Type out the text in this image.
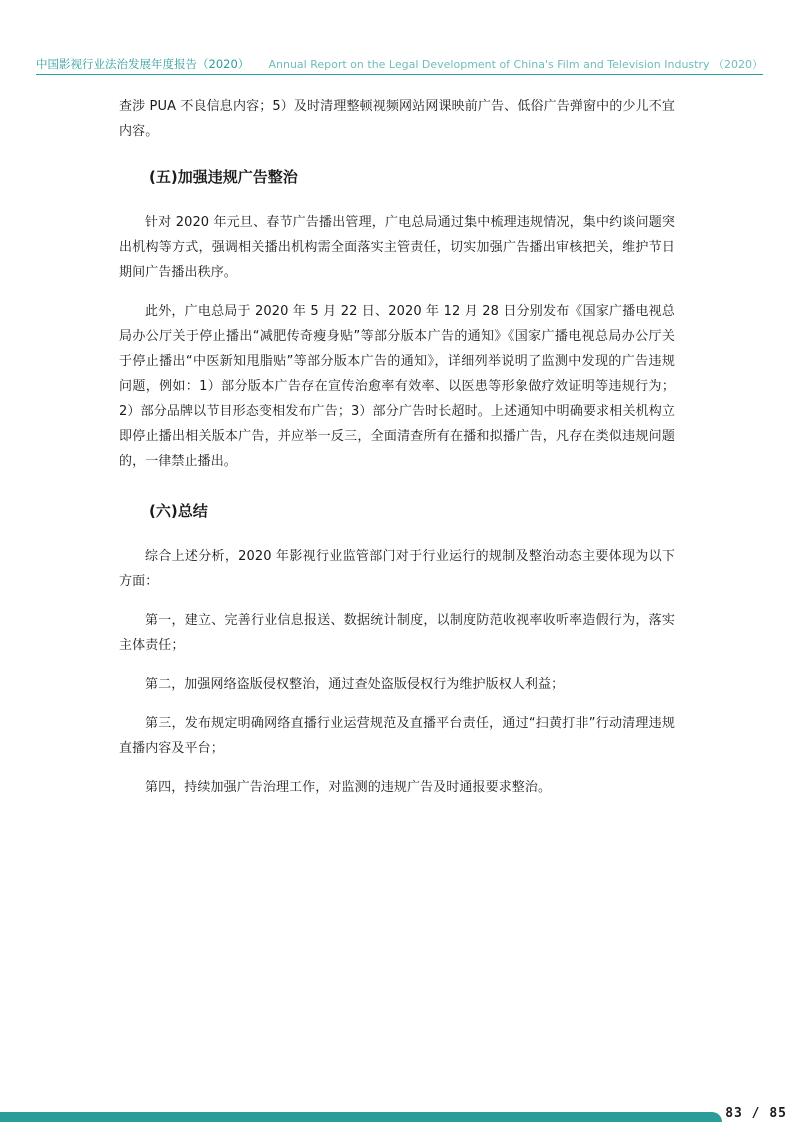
中国影视行业法治发展年度报告（2020） Annual Report on the Legal Development of China's Film and Television Industry （2020）

查涉 PUA 不良信息内容；5）及时清理整顿视频网站网课映前广告、低俗广告弹窗中的少儿不宜内容。

(五)加强违规广告整治

针对 2020 年元旦、春节广告播出管理，广电总局通过集中梳理违规情况，集中约谈问题突出机构等方式，强调相关播出机构需全面落实主管责任，切实加强广告播出审核把关，维护节日期间广告播出秩序。

此外，广电总局于 2020 年 5 月 22 日、2020 年 12 月 28 日分别发布《国家广播电视总局办公厅关于停止播出“减肥传奇瘦身贴”等部分版本广告的通知》《国家广播电视总局办公厅关于停止播出“中医新知甩脂贴”等部分版本广告的通知》，详细列举说明了监测中发现的广告违规问题，例如：1）部分版本广告存在宣传治愈率有效率、以医患等形象做疗效证明等违规行为；2）部分品牌以节目形态变相发布广告；3）部分广告时长超时。上述通知中明确要求相关机构立即停止播出相关版本广告，并应举一反三，全面清查所有在播和拟播广告，凡存在类似违规问题的，一律禁止播出。

(六)总结

综合上述分析，2020 年影视行业监管部门对于行业运行的规制及整治动态主要体现为以下方面：

第一，建立、完善行业信息报送、数据统计制度，以制度防范收视率收听率造假行为，落实主体责任；

第二，加强网络盗版侵权整治，通过查处盗版侵权行为维护版权人利益；

第三，发布规定明确网络直播行业运营规范及直播平台责任，通过“扫黄打非”行动清理违规直播内容及平台；

第四，持续加强广告治理工作，对监测的违规广告及时通报要求整治。

83 / 85
